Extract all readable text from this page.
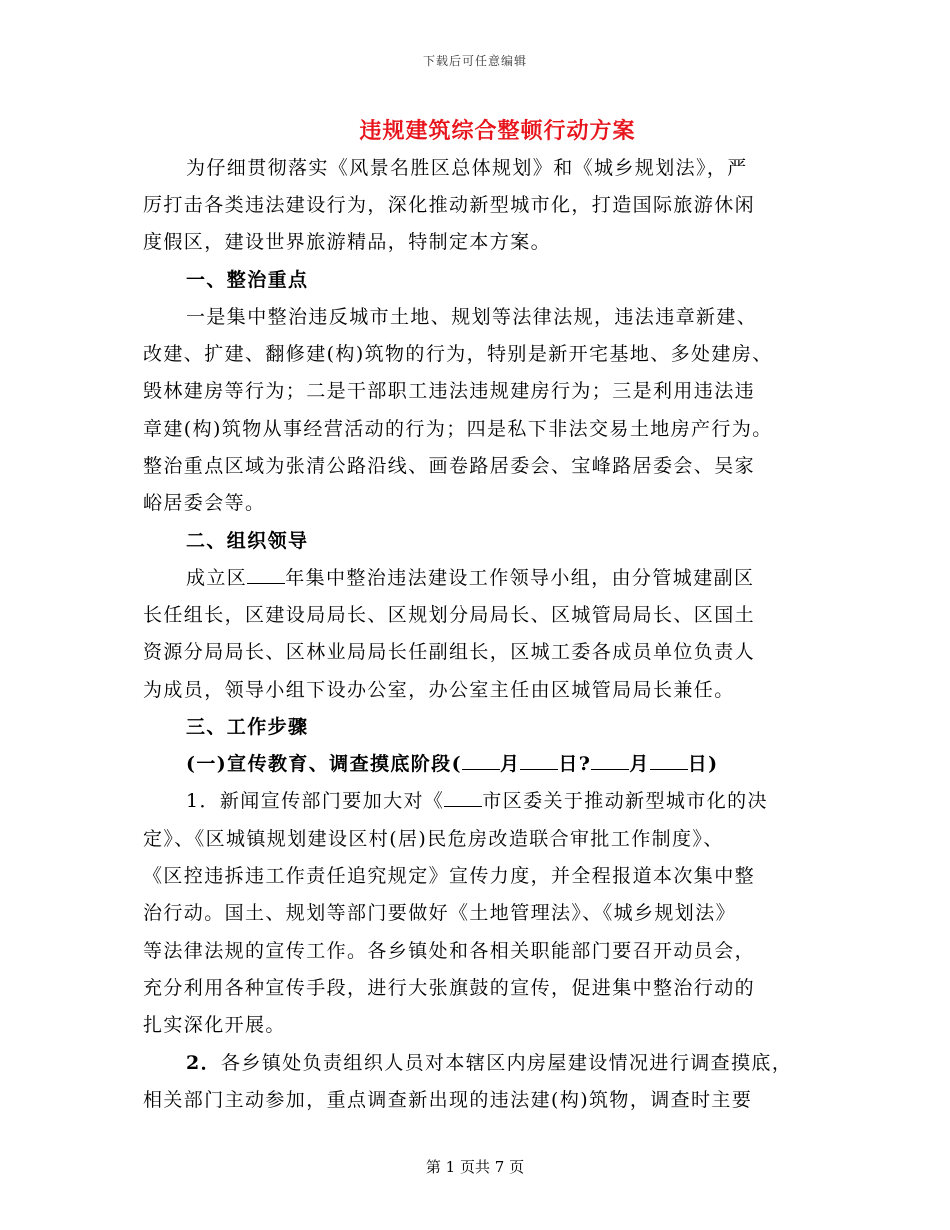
下载后可任意编辑
违规建筑综合整顿行动方案
为仔细贯彻落实《风景名胜区总体规划》和《城乡规划法》，严
厉打击各类违法建设行为，深化推动新型城市化，打造国际旅游休闲
度假区，建设世界旅游精品，特制定本方案。
一、整治重点
一是集中整治违反城市土地、规划等法律法规，违法违章新建、
改建、扩建、翻修建(构)筑物的行为，特别是新开宅基地、多处建房、
毁林建房等行为；二是干部职工违法违规建房行为；三是利用违法违
章建(构)筑物从事经营活动的行为；四是私下非法交易土地房产行为。
整治重点区域为张清公路沿线、画卷路居委会、宝峰路居委会、吴家
峪居委会等。
二、组织领导
成立区 年集中整治违法建设工作领导小组，由分管城建副区
长任组长，区建设局局长、区规划分局局长、区城管局局长、区国土
资源分局局长、区林业局局长任副组长，区城工委各成员单位负责人
为成员，领导小组下设办公室，办公室主任由区城管局局长兼任。
三、工作步骤
(一)宣传教育、调查摸底阶段( 月 日? 月 日)
1．新闻宣传部门要加大对《 市区委关于推动新型城市化的决
定》、《区城镇规划建设区村(居)民危房改造联合审批工作制度》、
《区控违拆违工作责任追究规定》宣传力度，并全程报道本次集中整
治行动。国土、规划等部门要做好《土地管理法》、《城乡规划法》
等法律法规的宣传工作。各乡镇处和各相关职能部门要召开动员会，
充分利用各种宣传手段，进行大张旗鼓的宣传，促进集中整治行动的
扎实深化开展。
2．各乡镇处负责组织人员对本辖区内房屋建设情况进行调查摸底，
相关部门主动参加，重点调查新出现的违法建(构)筑物，调查时主要
第 1 页共 7 页
